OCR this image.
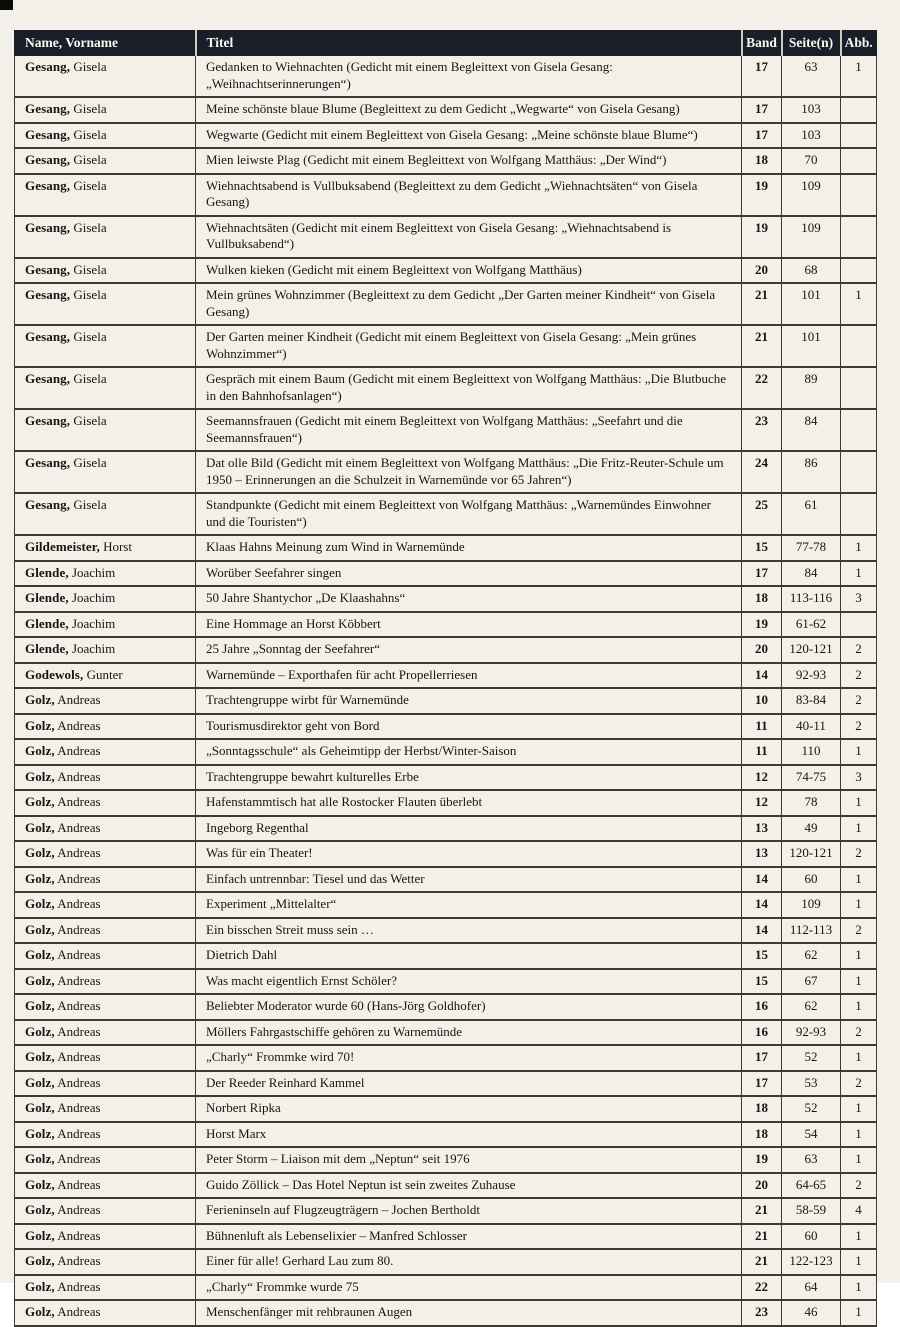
Name, Vorname	Titel	Band	Seite(n)	Abb.
Gesang, Gisela	Gedanken to Wiehnachten (Gedicht mit einem Begleittext von Gisela Gesang: „Weihnachtserinnerungen“)	17	63	1
Gesang, Gisela	Meine schönste blaue Blume (Begleittext zu dem Gedicht „Wegwarte“ von Gisela Gesang)	17	103	
Gesang, Gisela	Wegwarte (Gedicht mit einem Begleittext von Gisela Gesang: „Meine schönste blaue Blume“)	17	103	
Gesang, Gisela	Mien leiwste Plag (Gedicht mit einem Begleittext von Wolfgang Matthäus: „Der Wind“)	18	70	
Gesang, Gisela	Wiehnachtsabend is Vullbuksabend (Begleittext zu dem Gedicht „Wiehnachtsäten“ von Gisela Gesang)	19	109	
Gesang, Gisela	Wiehnachtsäten (Gedicht mit einem Begleittext von Gisela Gesang: „Wiehnachtsabend is Vullbuksabend“)	19	109	
Gesang, Gisela	Wulken kieken (Gedicht mit einem Begleittext von Wolfgang Matthäus)	20	68	
Gesang, Gisela	Mein grünes Wohnzimmer (Begleittext zu dem Gedicht „Der Garten meiner Kindheit“ von Gisela Gesang)	21	101	1
Gesang, Gisela	Der Garten meiner Kindheit (Gedicht mit einem Begleittext von Gisela Gesang: „Mein grünes Wohnzimmer“)	21	101	
Gesang, Gisela	Gespräch mit einem Baum (Gedicht mit einem Begleittext von Wolfgang Matthäus: „Die Blutbuche in den Bahnhofsanlagen“)	22	89	
Gesang, Gisela	Seemannsfrauen (Gedicht mit einem Begleittext von Wolfgang Matthäus: „Seefahrt und die Seemannsfrauen“)	23	84	
Gesang, Gisela	Dat olle Bild (Gedicht mit einem Begleittext von Wolfgang Matthäus: „Die Fritz-Reuter-Schule um 1950 – Erinnerungen an die Schulzeit in Warnemünde vor 65 Jahren“)	24	86	
Gesang, Gisela	Standpunkte (Gedicht mit einem Begleittext von Wolfgang Matthäus: „Warnemündes Einwohner und die Touristen“)	25	61	
Gildemeister, Horst	Klaas Hahns Meinung zum Wind in Warnemünde	15	77-78	1
Glende, Joachim	Worüber Seefahrer singen	17	84	1
Glende, Joachim	50 Jahre Shantychor „De Klaashahns“	18	113-116	3
Glende, Joachim	Eine Hommage an Horst Köbbert	19	61-62	
Glende, Joachim	25 Jahre „Sonntag der Seefahrer“	20	120-121	2
Godewols, Gunter	Warnemünde – Exporthafen für acht Propellerriesen	14	92-93	2
Golz, Andreas	Trachtengruppe wirbt für Warnemünde	10	83-84	2
Golz, Andreas	Tourismusdirektor geht von Bord	11	40-11	2
Golz, Andreas	„Sonntagsschule“ als Geheimtipp der Herbst/Winter-Saison	11	110	1
Golz, Andreas	Trachtengruppe bewahrt kulturelles Erbe	12	74-75	3
Golz, Andreas	Hafenstammtisch hat alle Rostocker Flauten überlebt	12	78	1
Golz, Andreas	Ingeborg Regenthal	13	49	1
Golz, Andreas	Was für ein Theater!	13	120-121	2
Golz, Andreas	Einfach untrennbar: Tiesel und das Wetter	14	60	1
Golz, Andreas	Experiment „Mittelalter“	14	109	1
Golz, Andreas	Ein bisschen Streit muss sein …	14	112-113	2
Golz, Andreas	Dietrich Dahl	15	62	1
Golz, Andreas	Was macht eigentlich Ernst Schöler?	15	67	1
Golz, Andreas	Beliebter Moderator wurde 60 (Hans-Jörg Goldhofer)	16	62	1
Golz, Andreas	Möllers Fahrgastschiffe gehören zu Warnemünde	16	92-93	2
Golz, Andreas	„Charly“ Frommke wird 70!	17	52	1
Golz, Andreas	Der Reeder Reinhard Kammel	17	53	2
Golz, Andreas	Norbert Ripka	18	52	1
Golz, Andreas	Horst Marx	18	54	1
Golz, Andreas	Peter Storm – Liaison mit dem „Neptun“ seit 1976	19	63	1
Golz, Andreas	Guido Zöllick – Das Hotel Neptun ist sein zweites Zuhause	20	64-65	2
Golz, Andreas	Ferieninseln auf Flugzeugträgern – Jochen Bertholdt	21	58-59	4
Golz, Andreas	Bühnenluft als Lebenselixier – Manfred Schlosser	21	60	1
Golz, Andreas	Einer für alle! Gerhard Lau zum 80.	21	122-123	1
Golz, Andreas	„Charly“ Frommke wurde 75	22	64	1
Golz, Andreas	Menschenfänger mit rehbraunen Augen	23	46	1
